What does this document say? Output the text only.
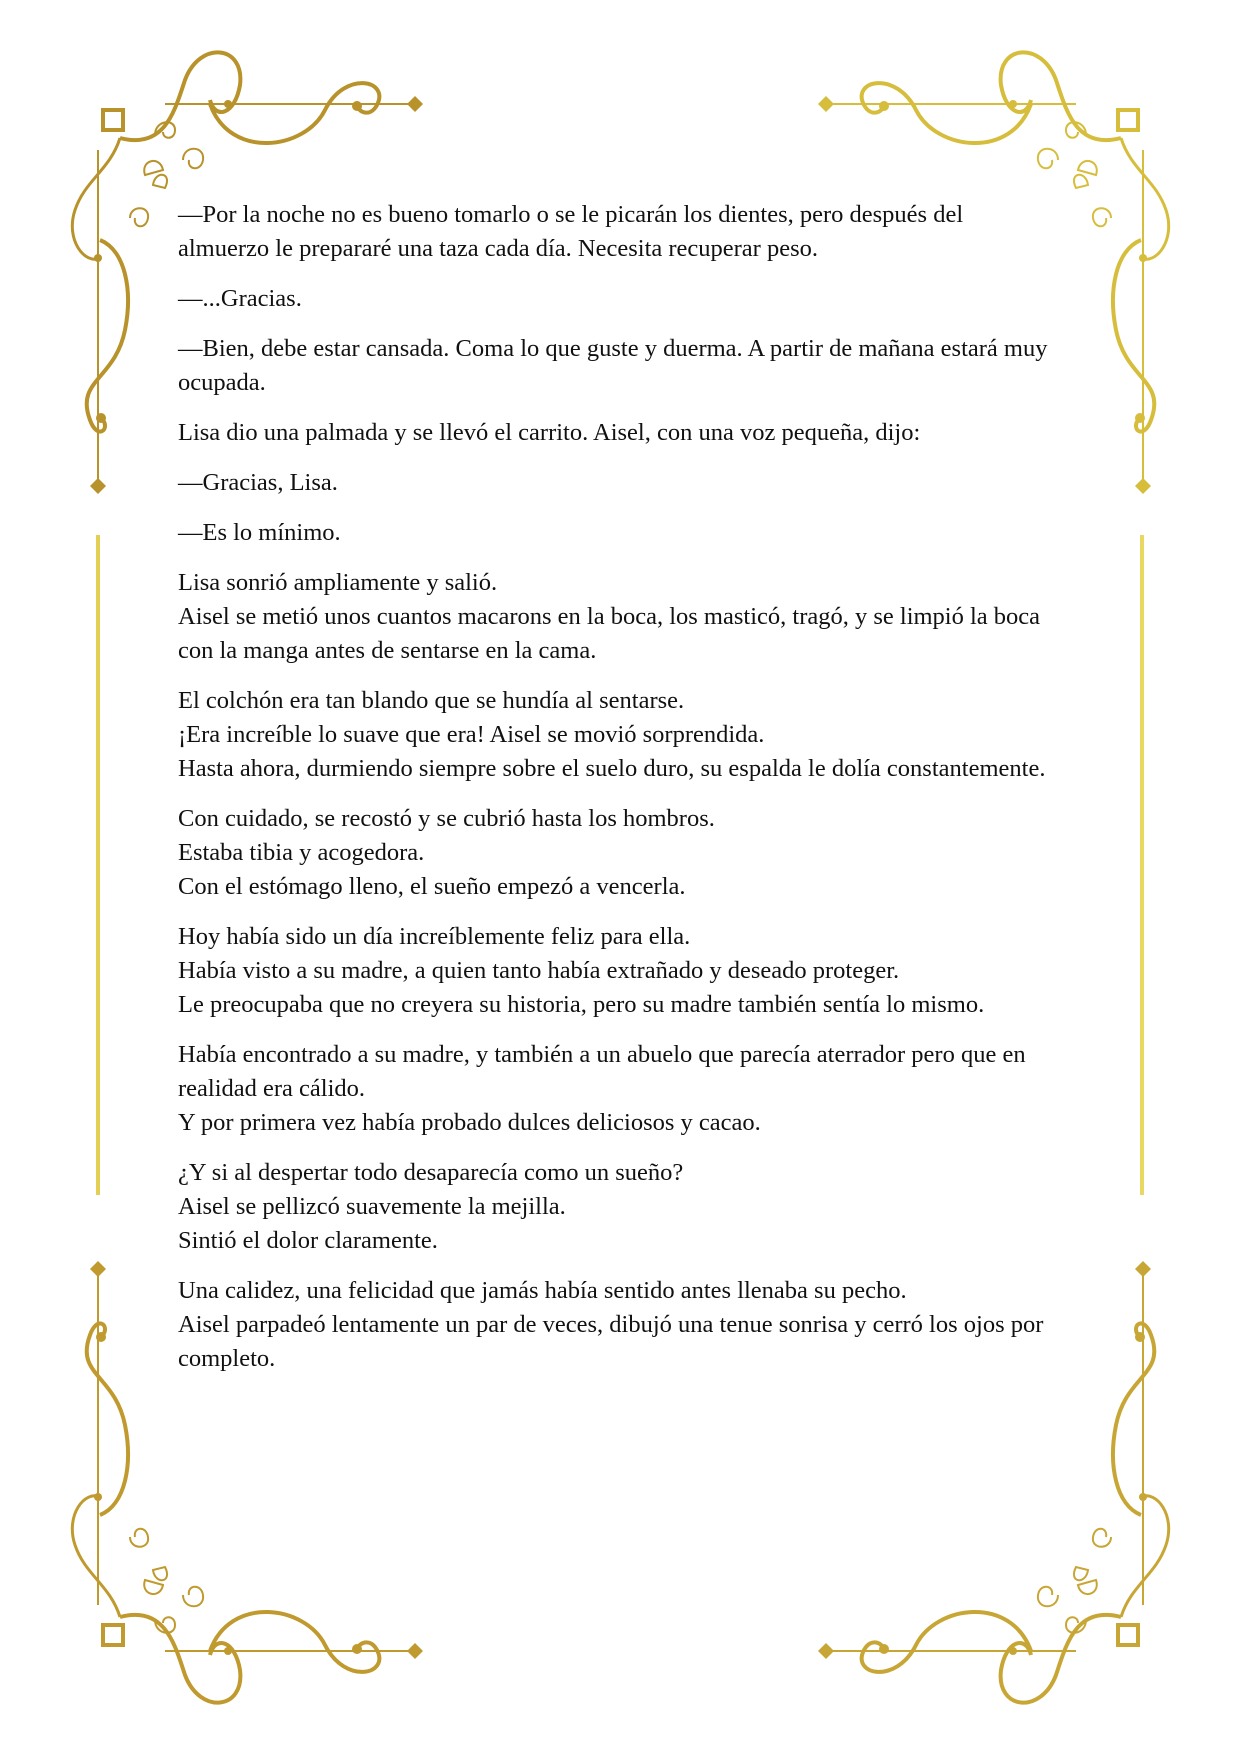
—Por la noche no es bueno tomarlo o se le picarán los dientes, pero después del almuerzo le prepararé una taza cada día. Necesita recuperar peso.

—...Gracias.

—Bien, debe estar cansada. Coma lo que guste y duerma. A partir de mañana estará muy ocupada.

Lisa dio una palmada y se llevó el carrito. Aisel, con una voz pequeña, dijo:

—Gracias, Lisa.

—Es lo mínimo.

Lisa sonrió ampliamente y salió.
Aisel se metió unos cuantos macarons en la boca, los masticó, tragó, y se limpió la boca con la manga antes de sentarse en la cama.

El colchón era tan blando que se hundía al sentarse.
¡Era increíble lo suave que era! Aisel se movió sorprendida.
Hasta ahora, durmiendo siempre sobre el suelo duro, su espalda le dolía constantemente.

Con cuidado, se recostó y se cubrió hasta los hombros.
Estaba tibia y acogedora.
Con el estómago lleno, el sueño empezó a vencerla.

Hoy había sido un día increíblemente feliz para ella.
Había visto a su madre, a quien tanto había extrañado y deseado proteger.
Le preocupaba que no creyera su historia, pero su madre también sentía lo mismo.

Había encontrado a su madre, y también a un abuelo que parecía aterrador pero que en realidad era cálido.
Y por primera vez había probado dulces deliciosos y cacao.

¿Y si al despertar todo desaparecía como un sueño?
Aisel se pellizcó suavemente la mejilla.
Sintió el dolor claramente.

Una calidez, una felicidad que jamás había sentido antes llenaba su pecho.
Aisel parpadeó lentamente un par de veces, dibujó una tenue sonrisa y cerró los ojos por completo.
